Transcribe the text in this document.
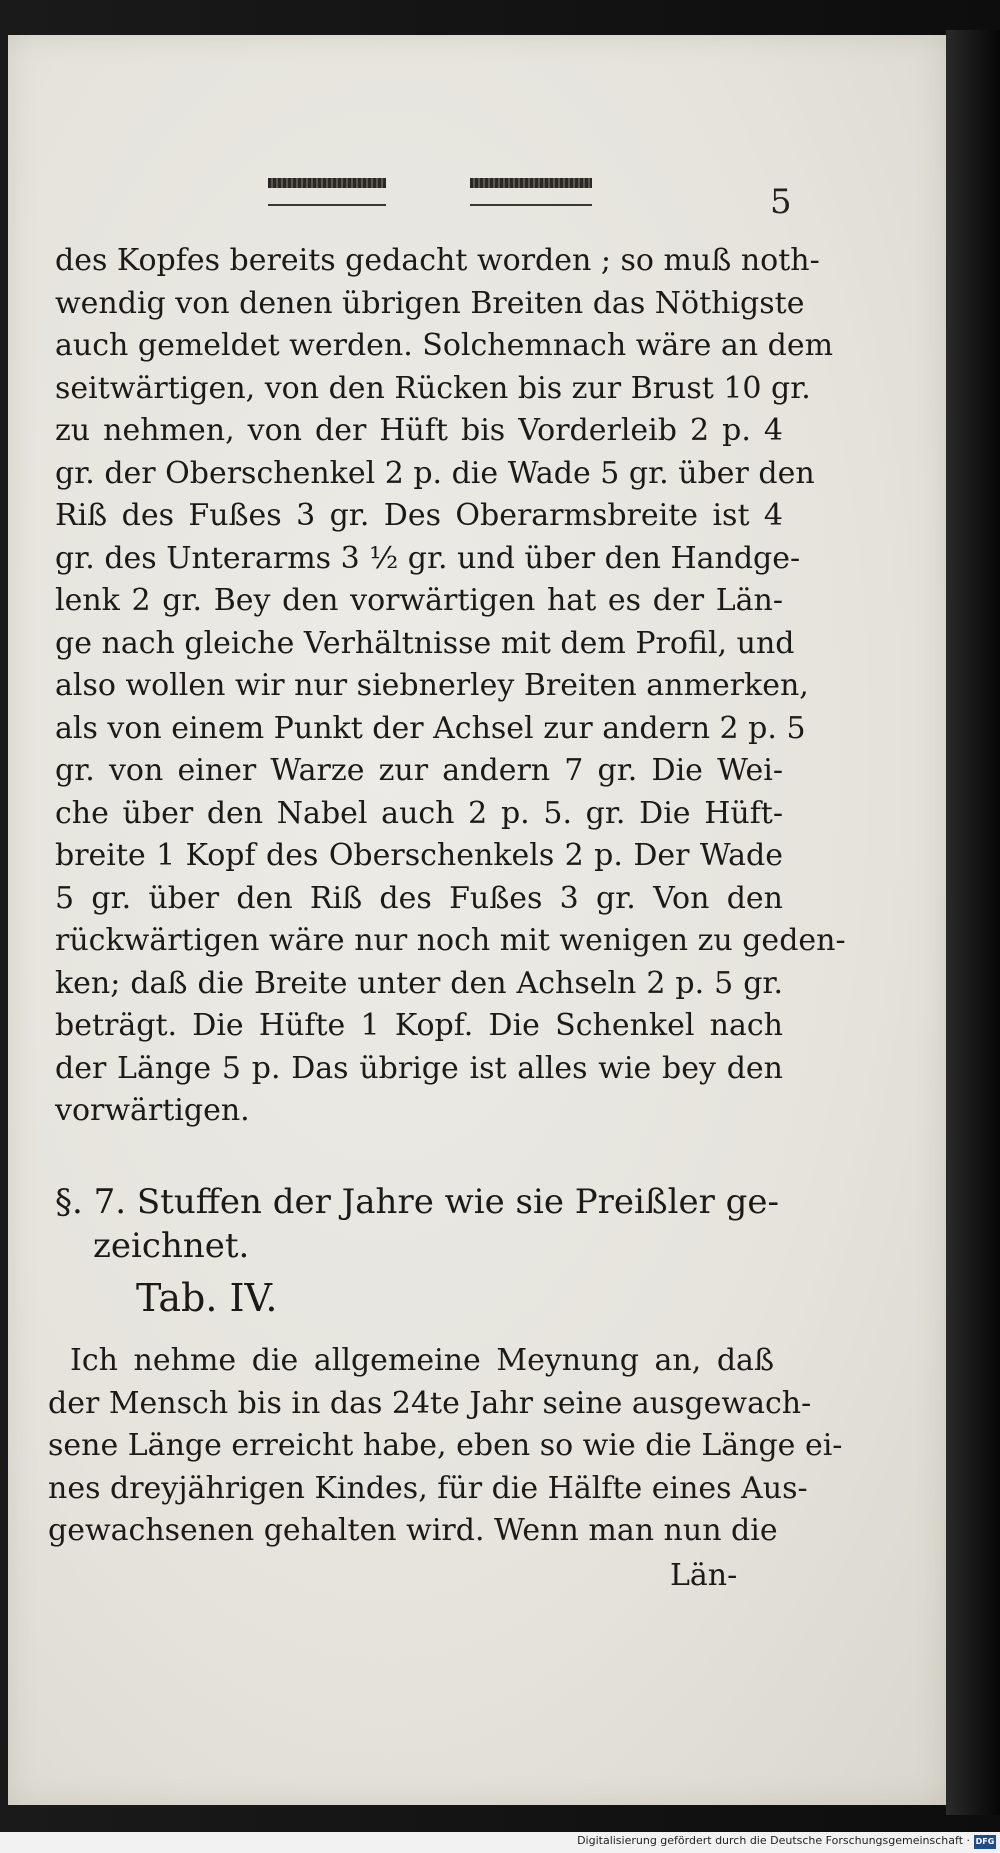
5
des Kopfes bereits gedacht worden ; so muß noth-
wendig von denen übrigen Breiten das Nöthigste
auch gemeldet werden. Solchemnach wäre an dem
seitwärtigen, von den Rücken bis zur Brust 10 gr.
zu nehmen, von der Hüft bis Vorderleib 2 p. 4
gr. der Oberschenkel 2 p. die Wade 5 gr. über den
Riß des Fußes 3 gr. Des Oberarmsbreite ist 4
gr. des Unterarms 3 ½ gr. und über den Handge-
lenk 2 gr. Bey den vorwärtigen hat es der Län-
ge nach gleiche Verhältnisse mit dem Profil, und
also wollen wir nur siebnerley Breiten anmerken,
als von einem Punkt der Achsel zur andern 2 p. 5
gr. von einer Warze zur andern 7 gr. Die Wei-
che über den Nabel auch 2 p. 5. gr. Die Hüft-
breite 1 Kopf des Oberschenkels 2 p. Der Wade
5 gr. über den Riß des Fußes 3 gr. Von den
rückwärtigen wäre nur noch mit wenigen zu geden-
ken; daß die Breite unter den Achseln 2 p. 5 gr.
beträgt. Die Hüfte 1 Kopf. Die Schenkel nach
der Länge 5 p. Das übrige ist alles wie bey den
vorwärtigen.
§. 7. Stuffen der Jahre wie sie Preißler ge-
zeichnet.
Tab. IV.
Ich nehme die allgemeine Meynung an, daß
der Mensch bis in das 24te Jahr seine ausgewach-
sene Länge erreicht habe, eben so wie die Länge ei-
nes dreyjährigen Kindes, für die Hälfte eines Aus-
gewachsenen gehalten wird. Wenn man nun die
Län-
Digitalisierung gefördert durch die Deutsche Forschungsgemeinschaft · DFG
